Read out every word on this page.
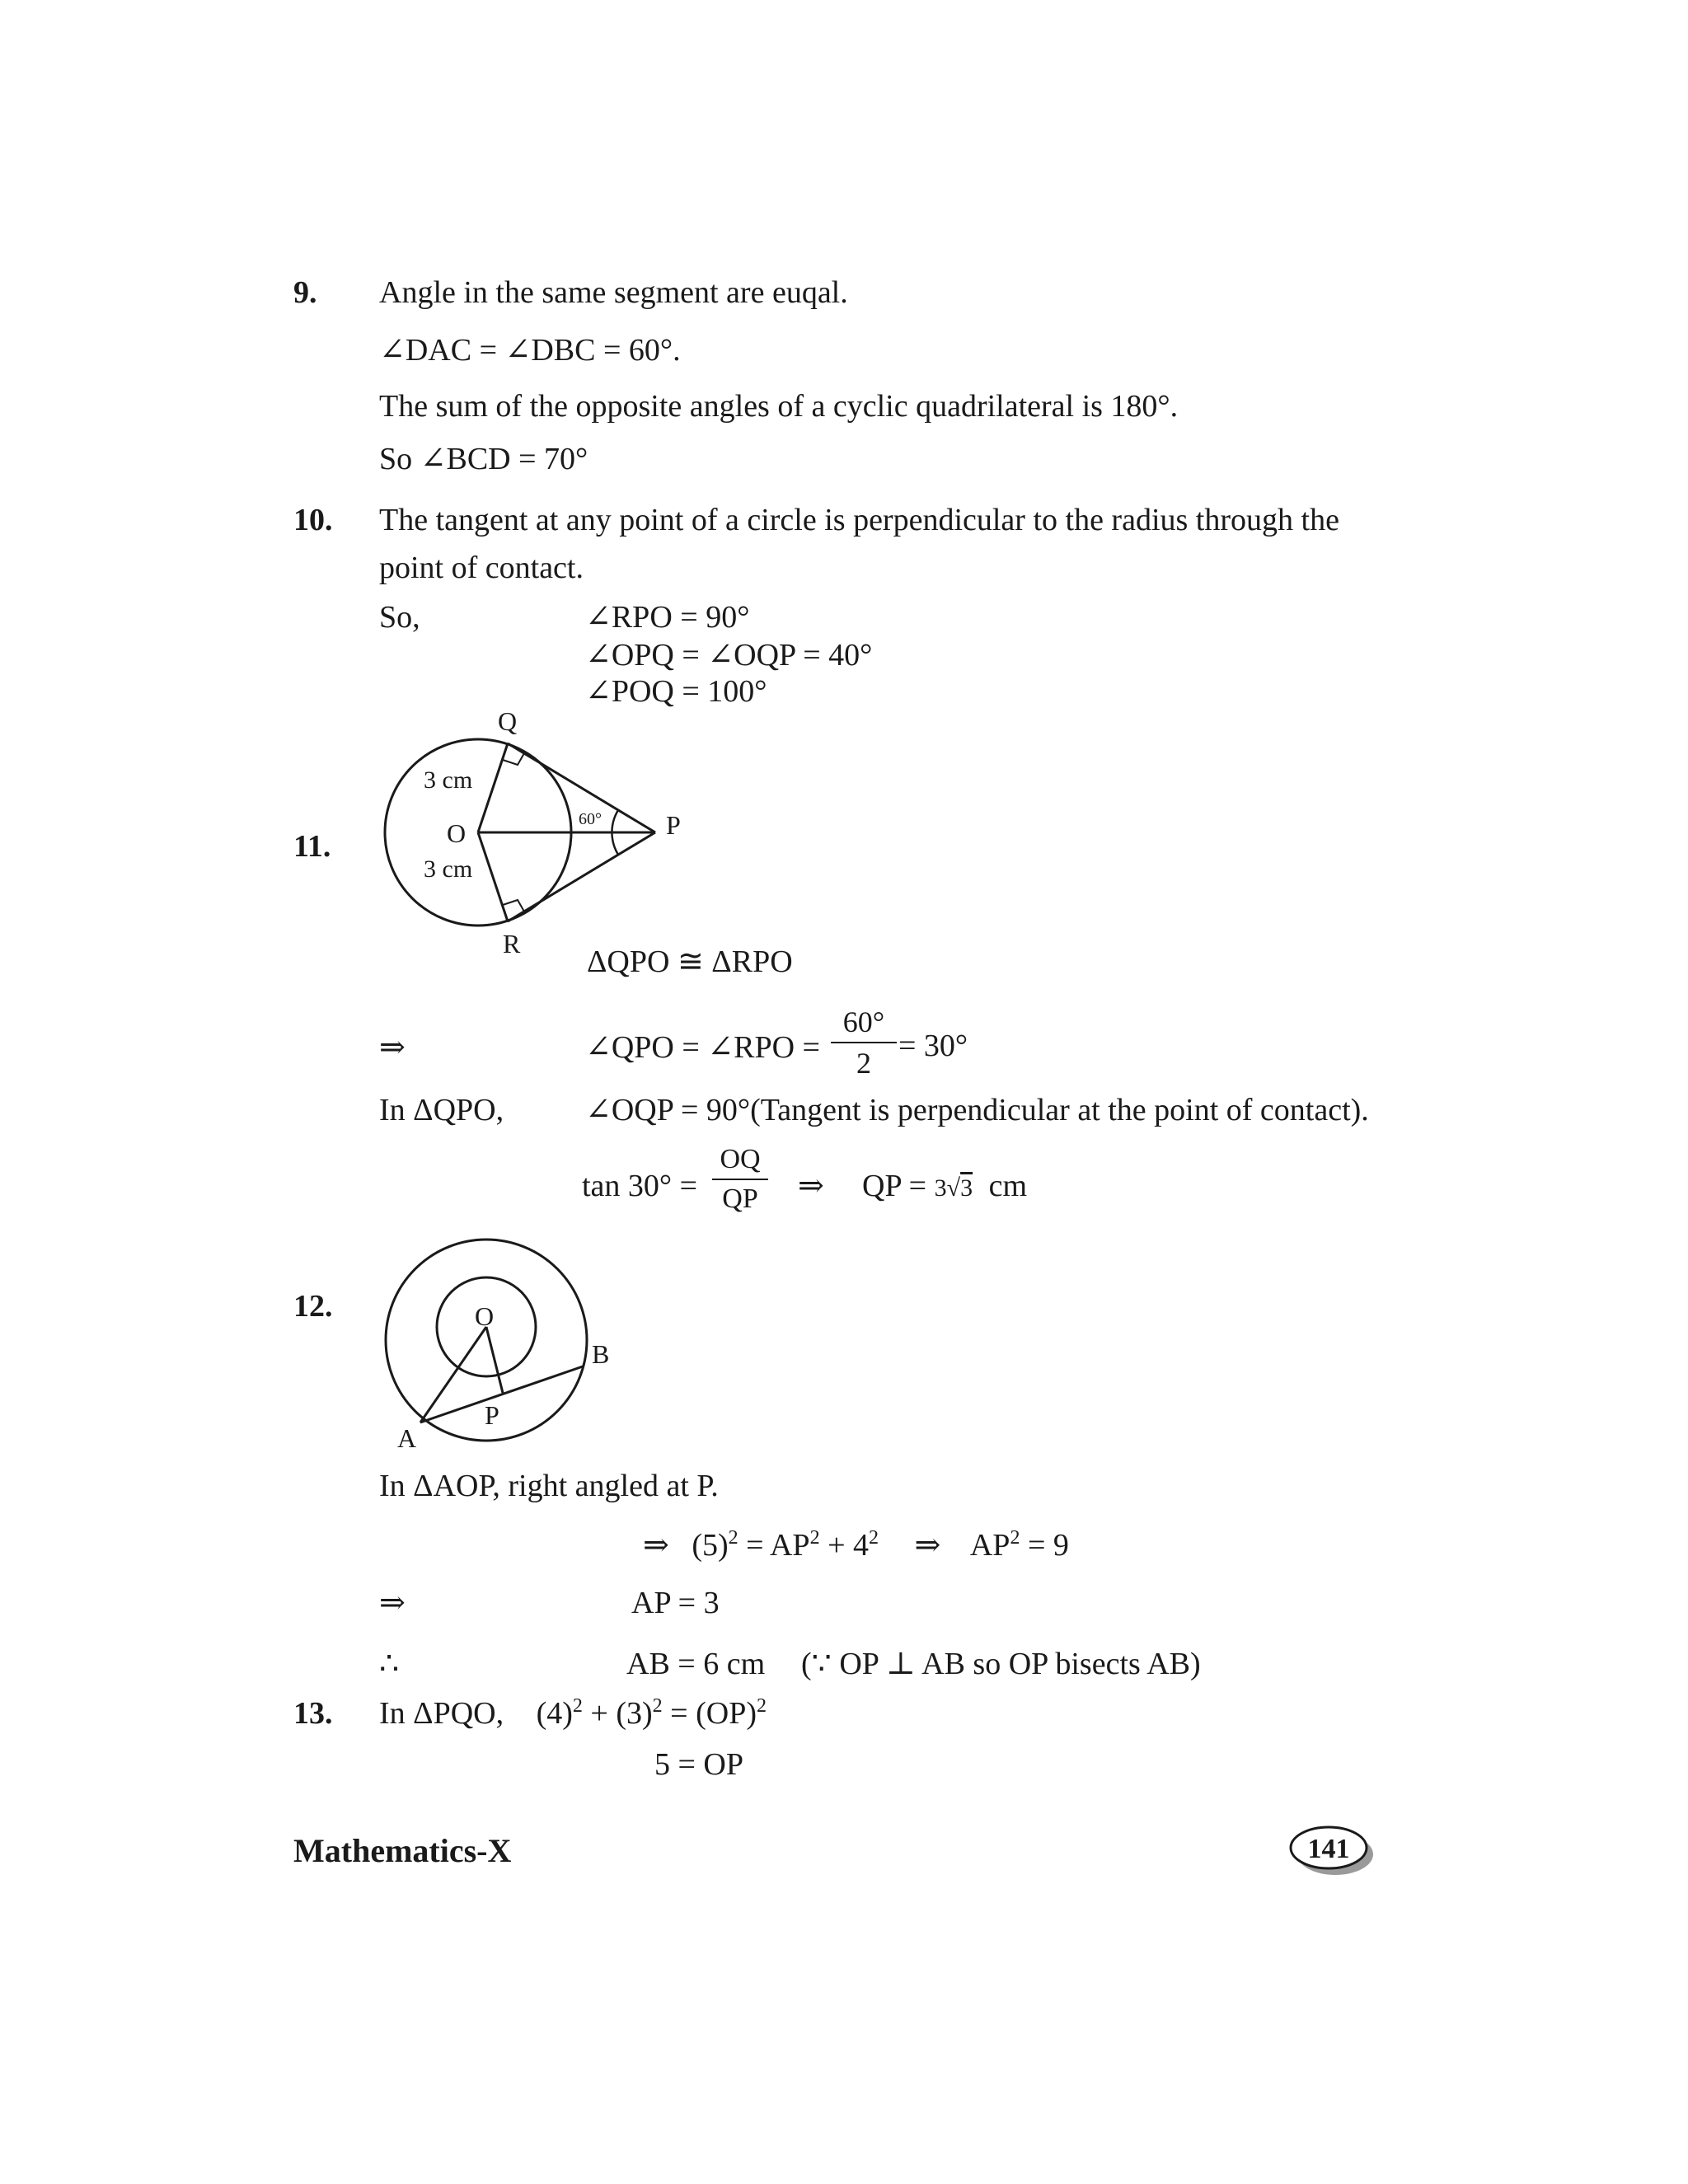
9. Angle in the same segment are euqal.
∠DAC = ∠DBC = 60°.
The sum of the opposite angles of a cyclic quadrilateral is 180°.
So ∠BCD = 70°
10. The tangent at any point of a circle is perpendicular to the radius through the
point of contact.
So,	∠RPO = 90°
∠OPQ = ∠OQP = 40°
∠POQ = 100°
11.
Q
O	P
R
3 cm
3 cm
60°
ΔQPO ≅ ΔRPO
⇒	∠QPO = ∠RPO =
60°
2 = 30°
In ΔQPO,	∠OQP = 90°(Tangent is perpendicular at the point of contact).
tan 30° =
OQ
QP	⇒ QP = 3√3 cm
12.	O
B
P
A
In ΔAOP, right angled at P.
⇒ $(5)^2 = AP^2 + 4^2$ ⇒ $AP^2 = 9$
⇒	AP = 3
∴	AB = 6 cm (∵ OP ⊥ AB so OP bisects AB)
13. In ΔPQO, $(4)^2 + (3)^2 = (OP)^2$
5 = OP
Mathematics-X	141
